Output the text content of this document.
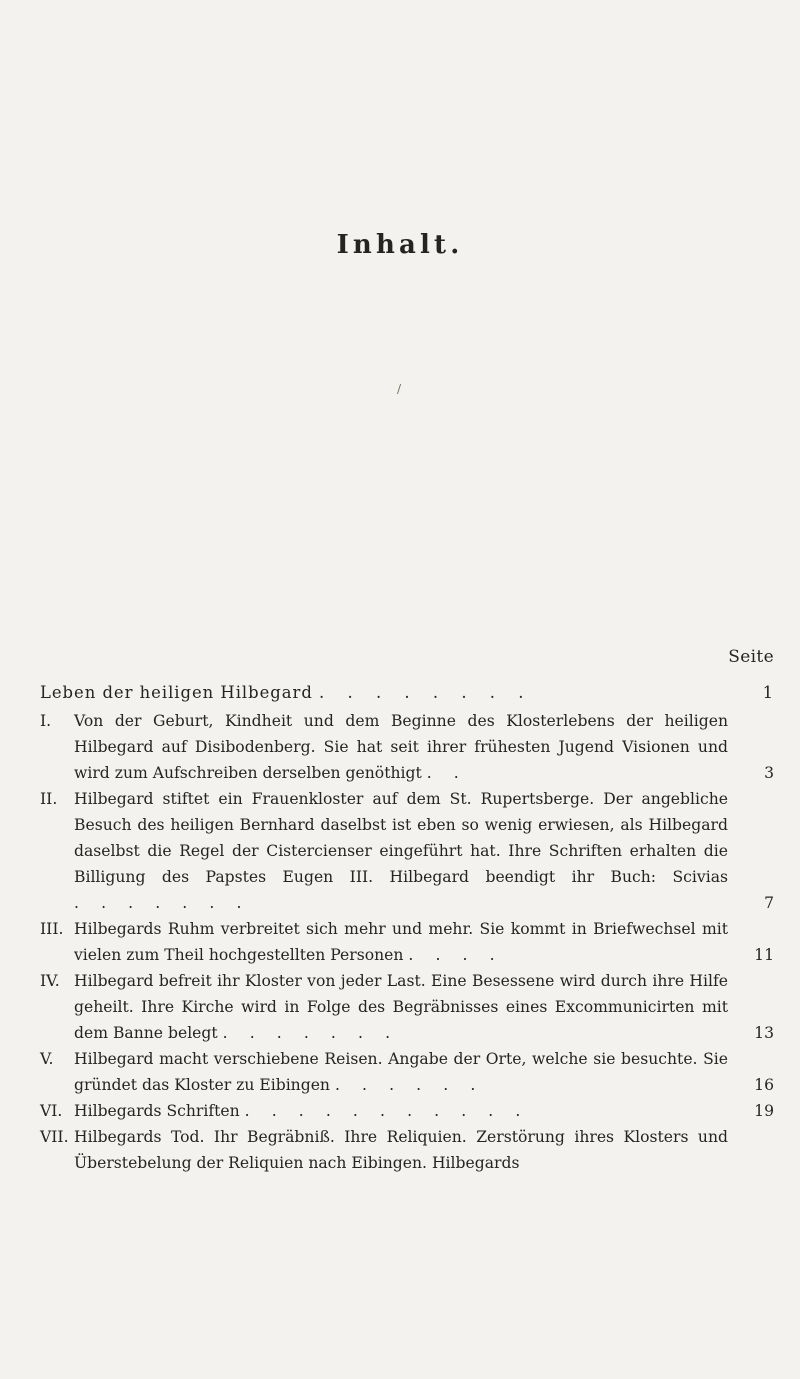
/
Inhalt.
Seite
Leben der heiligen Hilbegard . . . . . . . .	1
I.	Von der Geburt, Kindheit und dem Beginne des Klosterlebens der heiligen Hilbegard auf Disibodenberg. Sie hat seit ihrer frühesten Jugend Visionen und wird zum Aufschreiben derselben genöthigt . .	3
II.	Hilbegard stiftet ein Frauenkloster auf dem St. Rupertsberge. Der angebliche Besuch des heiligen Bernhard daselbst ist eben so wenig erwiesen, als Hilbegard daselbst die Regel der Cistercienser eingeführt hat. Ihre Schriften erhalten die Billigung des Papstes Eugen III. Hilbegard beendigt ihr Buch: Scivias . . . . . . .	7
III. Hilbegards Ruhm verbreitet sich mehr und mehr. Sie kommt in Briefwechsel mit vielen zum Theil hochgestellten Personen . . . .	11
IV. Hilbegard befreit ihr Kloster von jeder Last. Eine Besessene wird durch ihre Hilfe geheilt. Ihre Kirche wird in Folge des Begräbnisses eines Excommunicirten mit dem Banne belegt . . . . . . .	13
V.	Hilbegard macht verschiebene Reisen. Angabe der Orte, welche sie besuchte. Sie gründet das Kloster zu Eibingen . . . . . .	16
VI. Hilbegards Schriften . . . . . . . . . . .	19
VII. Hilbegards Tod. Ihr Begräbniß. Ihre Reliquien. Zerstörung ihres Klosters und Überstebelung der Reliquien nach Eibingen. Hilbegards
